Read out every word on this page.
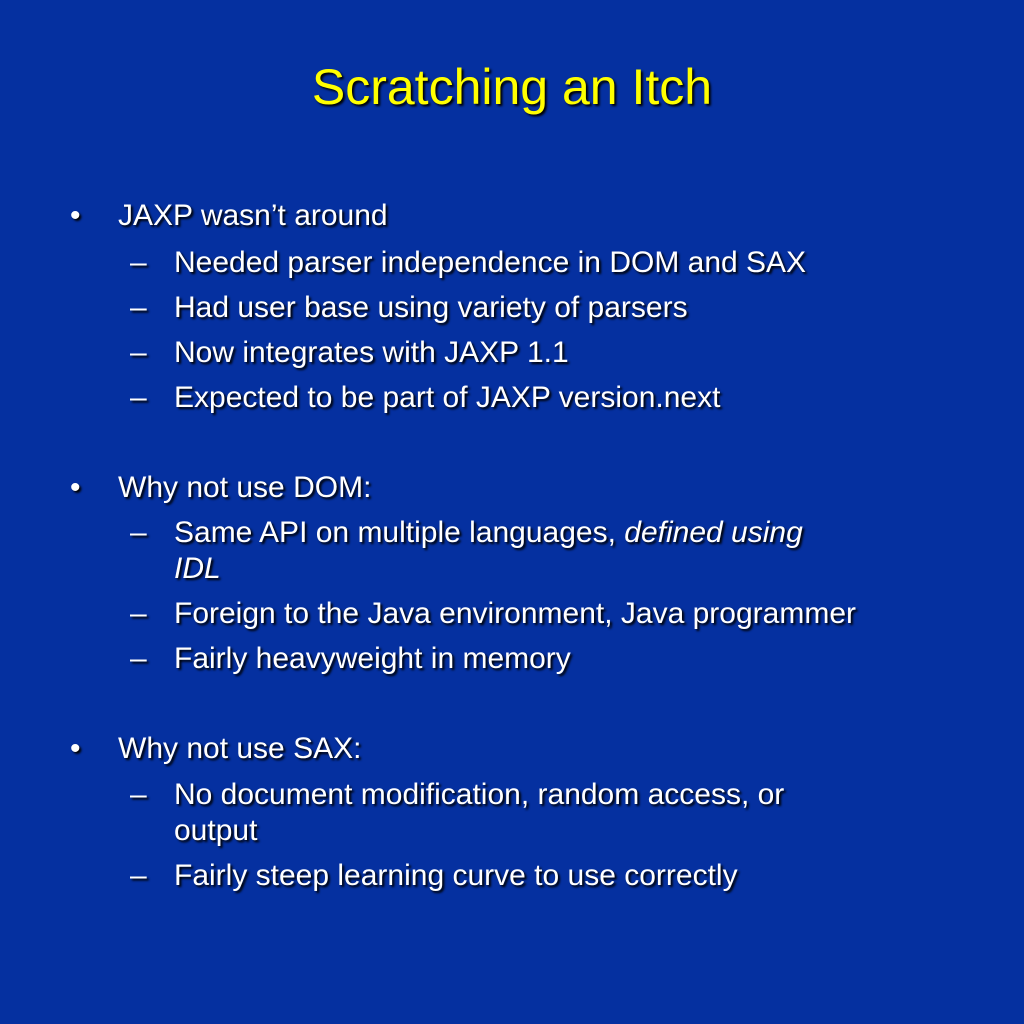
Scratching an Itch
• JAXP wasn’t around
– Needed parser independence in DOM and SAX
– Had user base using variety of parsers
– Now integrates with JAXP 1.1
– Expected to be part of JAXP version.next
• Why not use DOM:
– Same API on multiple languages, defined using
IDL
– Foreign to the Java environment, Java programmer
– Fairly heavyweight in memory
• Why not use SAX:
– No document modification, random access, or
output
– Fairly steep learning curve to use correctly
